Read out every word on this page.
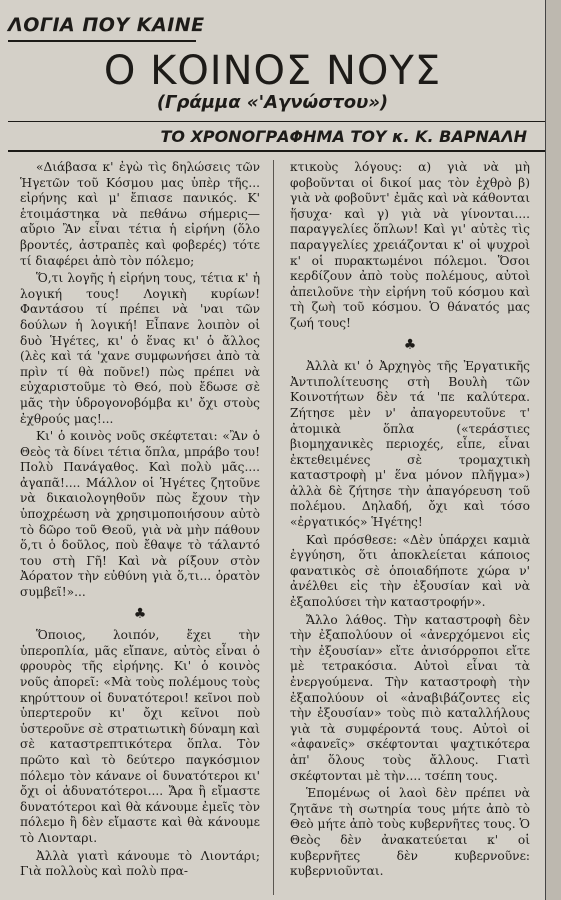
ΛΟΓΙΑ ΠΟΥ ΚΑΙΝΕ
Ο ΚΟΙΝΟΣ ΝΟΥΣ
(Γράμμα «'Αγνώστου»)
ΤΟ ΧΡΟΝΟΓΡΑΦΗΜΑ ΤΟΥ κ. Κ. ΒΑΡΝΑΛΗ

«Διάβασα κ' ἐγὼ τὶς δηλώσεις τῶν Ἡγετῶν τοῦ Κόσμου μας ὑπὲρ τῆς... εἰρήνης καὶ μ' ἔπιασε πανικός. Κ' ἑτοιμάστηκα νὰ πεθάνω σήμερις—αὔριο Ἂν εἶναι τέτια ἡ εἰρήνη (ὅλο βροντές, ἀστραπὲς καὶ φοβερές) τότε τί διαφέρει ἀπὸ τὸν πόλεμο;

Ὅ,τι λογῆς ἡ εἰρήνη τους, τέτια κ' ἡ λογική τους! Λογικὴ κυρίων! Φαντάσου τί πρέπει νὰ 'ναι τῶν δούλων ἡ λογική! Εἶπανε λοιπὸν οἱ δυὸ Ἡγέτες, κι' ὁ ἕνας κι' ὁ ἄλλος (λὲς καὶ τά 'χανε συμφωνήσει ἀπὸ τὰ πρὶν τί θὰ ποῦνε!) πὼς πρέπει νὰ εὐχαριστοῦμε τὸ Θεό, ποὺ ἔδωσε σὲ μᾶς τὴν ὑδρογονοβόμβα κι' ὄχι στοὺς ἐχθρούς μας!...

Κι' ὁ κοινὸς νοῦς σκέφτεται: «Ἂν ὁ Θεὸς τὰ δίνει τέτια ὅπλα, μπράβο του! Πολὺ Πανάγαθος. Καὶ πολὺ μᾶς.... ἀγαπᾶ!.... Μάλλον οἱ Ἡγέτες ζητοῦνε νὰ δικαιολογηθοῦν πὼς ἔχουν τὴν ὑποχρέωση νὰ χρησιμοποιήσουν αὐτὸ τὸ δῶρο τοῦ Θεοῦ, γιὰ νὰ μὴν πάθουν ὅ,τι ὁ δοῦλος, ποὺ ἔθαψε τὸ τάλαντό του στὴ Γῆ! Καὶ νὰ ρίξουν στὸν Ἀόρατον τὴν εὐθύνη γιὰ ὅ,τι... ὁρατὸν συμβεῖ!»...

♣

Ὅποιος, λοιπόν, ἔχει τὴν ὑπεροπλία, μᾶς εἴπανε, αὐτὸς εἶναι ὁ φρουρὸς τῆς εἰρήνης. Κι' ὁ κοινὸς νοῦς ἀπορεῖ: «Μὰ τοὺς πολέμους τοὺς κηρύττουν οἱ δυνατότεροι! κεῖνοι ποὺ ὑπερτεροῦν κι' ὄχι κεῖνοι ποὺ ὑστεροῦνε σὲ στρατιωτικὴ δύναμη καὶ σὲ καταστρεπτικότερα ὅπλα. Τὸν πρῶτο καὶ τὸ δεύτερο παγκόσμιον πόλεμο τὸν κάνανε οἱ δυνατότεροι κι' ὄχι οἱ ἀδυνατότεροι.... Ἄρα ἢ εἴμαστε δυνατότεροι καὶ θὰ κάνουμε ἐμεῖς τὸν πόλεμο ἢ δὲν εἴμαστε καὶ θὰ κάνουμε τὸ Λιονταρι.

Ἀλλὰ γιατὶ κάνουμε τὸ Λιοντάρι; Γιὰ πολλοὺς καὶ πολὺ πρα-

κτικοὺς λόγους: α) γιὰ νὰ μὴ φοβοῦνται οἱ δικοί μας τὸν ἐχθρὸ β) γιὰ νὰ φοβοῦντ' ἐμᾶς καὶ νὰ κάθονται ἥσυχα· καὶ γ) γιὰ νὰ γίνονται.... παραγγελίες ὅπλων! Καὶ γι' αὐτὲς τὶς παραγγελίες χρειάζονται κ' οἱ ψυχροὶ κ' οἱ πυρακτωμένοι πόλεμοι. Ὅσοι κερδίζουν ἀπὸ τοὺς πολέμους, αὐτοὶ ἀπειλοῦνε τὴν εἰρήνη τοῦ κόσμου καὶ τὴ ζωὴ τοῦ κόσμου. Ὁ θάνατός μας ζωή τους!

♣

Ἀλλὰ κι' ὁ Ἀρχηγὸς τῆς Ἐργατικῆς Ἀντιπολίτευσης στὴ Βουλὴ τῶν Κοινοτήτων δὲν τά 'πε καλύτερα. Ζήτησε μὲν ν' ἀπαγορευτοῦνε τ' ἀτομικὰ ὅπλα («τεράστιες βιομηχανικὲς περιοχές, εἶπε, εἶναι ἐκτεθειμένες σὲ τρομαχτικὴ καταστροφὴ μ' ἕνα μόνον πλῆγμα») ἀλλὰ δὲ ζήτησε τὴν ἀπαγόρευση τοῦ πολέμου. Δηλαδή, ὄχι καὶ τόσο «ἐργατικός» Ἡγέτης!

Καὶ πρόσθεσε: «Δὲν ὑπάρχει καμιὰ ἐγγύηση, ὅτι ἀποκλείεται κάποιος φανατικὸς σὲ ὁποιαδήποτε χώρα ν' ἀνέλθει εἰς τὴν ἐξουσίαν καὶ νὰ ἐξαπολύσει τὴν καταστροφήν».

Ἄλλο λάθος. Τὴν καταστροφὴ δὲν τὴν ἐξαπολύουν οἱ «ἀνερχόμενοι εἰς τὴν ἐξουσίαν» εἴτε ἀνισόρροποι εἴτε μὲ τετρακόσια. Αὐτοὶ εἶναι τὰ ἐνεργούμενα. Τὴν καταστροφὴ τὴν ἐξαπολύουν οἱ «ἀναβιβάζοντες εἰς τὴν ἐξουσίαν» τοὺς πιὸ καταλλήλους γιὰ τὰ συμφέροντά τους. Αὐτοὶ οἱ «ἀφανεῖς» σκέφτονται ψαχτικότερα ἀπ' ὅλους τοὺς ἄλλους. Γιατὶ σκέφτονται μὲ τὴν.... τσέπη τους.

Ἑπομένως οἱ λαοὶ δὲν πρέπει νὰ ζητᾶνε τὴ σωτηρία τους μήτε ἀπὸ τὸ Θεὸ μήτε ἀπὸ τοὺς κυβερνῆτες τους. Ὁ Θεὸς δὲν ἀνακατεύεται κ' οἱ κυβερνῆτες δὲν κυβερνοῦνε: κυβερνιοῦνται.
